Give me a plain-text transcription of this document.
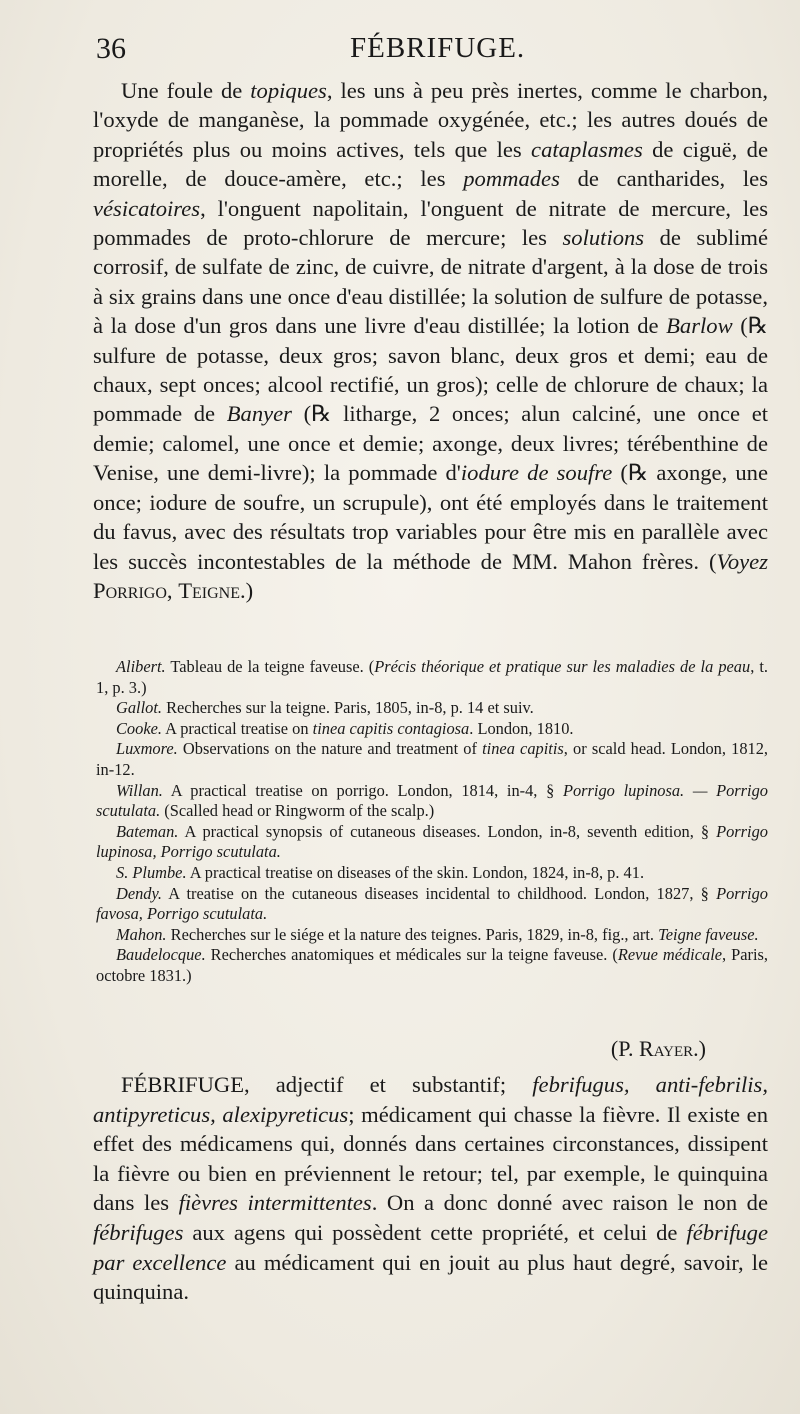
36	FÉBRIFUGE.

Une foule de topiques, les uns à peu près inertes, comme le charbon, l'oxyde de manganèse, la pommade oxygénée, etc.; les autres doués de propriétés plus ou moins actives, tels que les cataplasmes de ciguë, de morelle, de douce-amère, etc.; les pommades de cantharides, les vésicatoires, l'onguent napolitain, l'onguent de nitrate de mercure, les pommades de proto-chlorure de mercure; les solutions de sublimé corrosif, de sulfate de zinc, de cuivre, de nitrate d'argent, à la dose de trois à six grains dans une once d'eau distillée; la solution de sulfure de potasse, à la dose d'un gros dans une livre d'eau distillée; la lotion de Barlow (℞ sulfure de potasse, deux gros; savon blanc, deux gros et demi; eau de chaux, sept onces; alcool rectifié, un gros); celle de chlorure de chaux; la pommade de Banyer (℞ litharge, 2 onces; alun calciné, une once et demie; calomel, une once et demie; axonge, deux livres; térébenthine de Venise, une demi-livre); la pommade d'iodure de soufre (℞ axonge, une once; iodure de soufre, un scrupule), ont été employés dans le traitement du favus, avec des résultats trop variables pour être mis en parallèle avec les succès incontestables de la méthode de MM. Mahon frères. (Voyez Porrigo, Teigne.)

Alibert. Tableau de la teigne faveuse. (Précis théorique et pratique sur les maladies de la peau, t. 1, p. 3.)

Gallot. Recherches sur la teigne. Paris, 1805, in-8, p. 14 et suiv.

Cooke. A practical treatise on tinea capitis contagiosa. London, 1810.

Luxmore. Observations on the nature and treatment of tinea capitis, or scald head. London, 1812, in-12.

Willan. A practical treatise on porrigo. London, 1814, in-4, § Porrigo lupinosa. — Porrigo scutulata. (Scalled head or Ringworm of the scalp.)

Bateman. A practical synopsis of cutaneous diseases. London, in-8, seventh edition, § Porrigo lupinosa, Porrigo scutulata.

S. Plumbe. A practical treatise on diseases of the skin. London, 1824, in-8, p. 41.

Dendy. A treatise on the cutaneous diseases incidental to childhood. London, 1827, § Porrigo favosa, Porrigo scutulata.

Mahon. Recherches sur le siége et la nature des teignes. Paris, 1829, in-8, fig., art. Teigne faveuse.

Baudelocque. Recherches anatomiques et médicales sur la teigne faveuse. (Revue médicale, Paris, octobre 1831.)

(P. Rayer.)

FÉBRIFUGE, adjectif et substantif; febrifugus, anti-febrilis, antipyreticus, alexipyreticus; médicament qui chasse la fièvre. Il existe en effet des médicamens qui, donnés dans certaines circonstances, dissipent la fièvre ou bien en préviennent le retour; tel, par exemple, le quinquina dans les fièvres intermittentes. On a donc donné avec raison le non de fébrifuges aux agens qui possèdent cette propriété, et celui de fébrifuge par excellence au médicament qui en jouit au plus haut degré, savoir, le quinquina.
